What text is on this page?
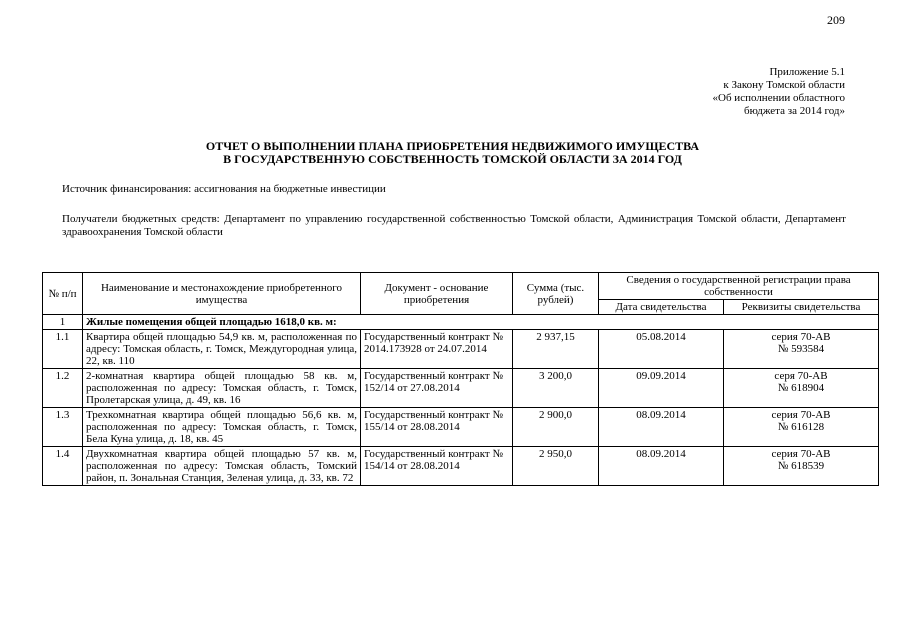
209
Приложение 5.1
к Закону Томской области
«Об исполнении областного
бюджета за 2014 год»
ОТЧЕТ О ВЫПОЛНЕНИИ ПЛАНА ПРИОБРЕТЕНИЯ НЕДВИЖИМОГО ИМУЩЕСТВА
В ГОСУДАРСТВЕННУЮ СОБСТВЕННОСТЬ ТОМСКОЙ ОБЛАСТИ ЗА 2014 ГОД
Источник финансирования: ассигнования на бюджетные инвестиции
Получатели бюджетных средств: Департамент по управлению государственной собственностью Томской области, Администрация Томской области, Департамент здравоохранения Томской области
№ п/п	Наименование и местонахождение приобретенного имущества	Документ - основание приобретения	Сумма (тыс. рублей)	Сведения о государственной регистрации права собственности	
				Дата свидетельства	Реквизиты свидетельства
1	Жилые помещения общей площадью 1618,0 кв. м:				
1.1	Квартира общей площадью 54,9 кв. м, расположенная по адресу: Томская область, г. Томск, Междугородная улица, 22, кв. 110	Государственный контракт № 2014.173928 от 24.07.2014	2 937,15	05.08.2014	серия 70-АВ
№ 593584

1.2	2-комнатная квартира общей площадью 58 кв. м, расположенная по адресу: Томская область, г. Томск, Пролетарская улица, д. 49, кв. 16	Государственный контракт № 152/14 от 27.08.2014	3 200,0	09.09.2014	серя 70-АВ
№ 618904

1.3	Трехкомнатная квартира общей площадью 56,6 кв. м, расположенная по адресу: Томская область, г. Томск, Бела Куна улица, д. 18, кв. 45	Государственный контракт № 155/14 от 28.08.2014	2 900,0	08.09.2014	серия 70-АВ
№ 616128

1.4	Двухкомнатная квартира общей площадью 57 кв. м, расположенная по адресу: Томская область, Томский район, п. Зональная Станция, Зеленая улица, д. 33, кв. 72	Государственный контракт № 154/14 от 28.08.2014	2 950,0	08.09.2014	серия 70-АВ
№ 618539
